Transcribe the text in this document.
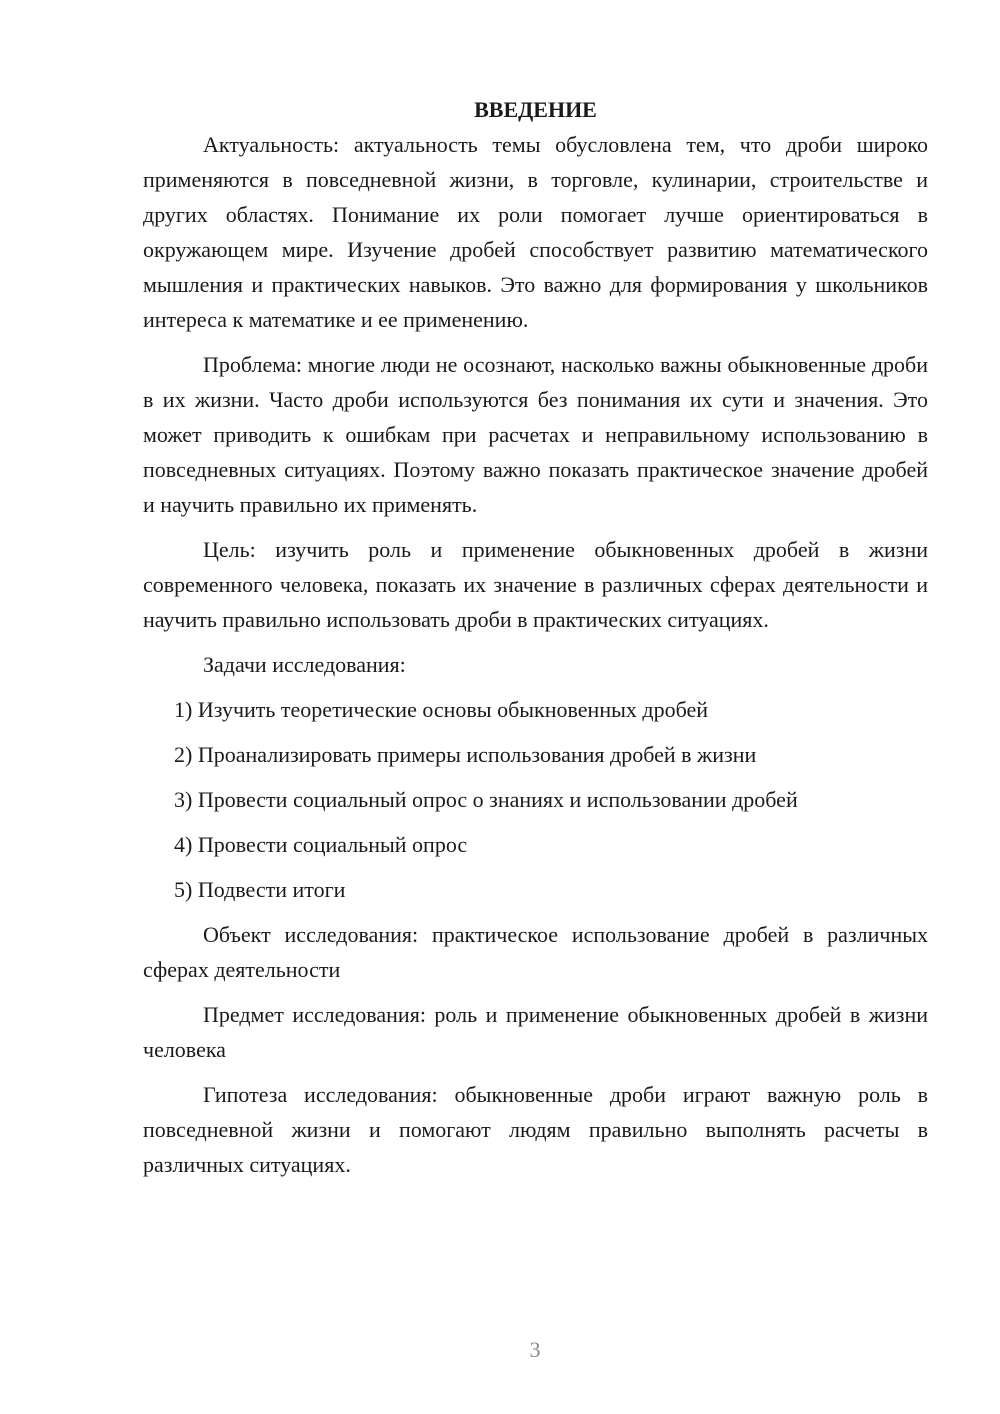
ВВЕДЕНИЕ

Актуальность: актуальность темы обусловлена тем, что дроби широко применяются в повседневной жизни, в торговле, кулинарии, строительстве и других областях. Понимание их роли помогает лучше ориентироваться в окружающем мире. Изучение дробей способствует развитию математического мышления и практических навыков. Это важно для формирования у школьников интереса к математике и ее применению.

Проблема: многие люди не осознают, насколько важны обыкновенные дроби в их жизни. Часто дроби используются без понимания их сути и значения. Это может приводить к ошибкам при расчетах и неправильному использованию в повседневных ситуациях. Поэтому важно показать практическое значение дробей и научить правильно их применять.

Цель: изучить роль и применение обыкновенных дробей в жизни современного человека, показать их значение в различных сферах деятельности и научить правильно использовать дроби в практических ситуациях.

Задачи исследования:

1) Изучить теоретические основы обыкновенных дробей
2) Проанализировать примеры использования дробей в жизни
3) Провести социальный опрос о знаниях и использовании дробей
4) Провести социальный опрос
5) Подвести итоги

Объект исследования: практическое использование дробей в различных сферах деятельности

Предмет исследования: роль и применение обыкновенных дробей в жизни человека

Гипотеза исследования: обыкновенные дроби играют важную роль в повседневной жизни и помогают людям правильно выполнять расчеты в различных ситуациях.

3
